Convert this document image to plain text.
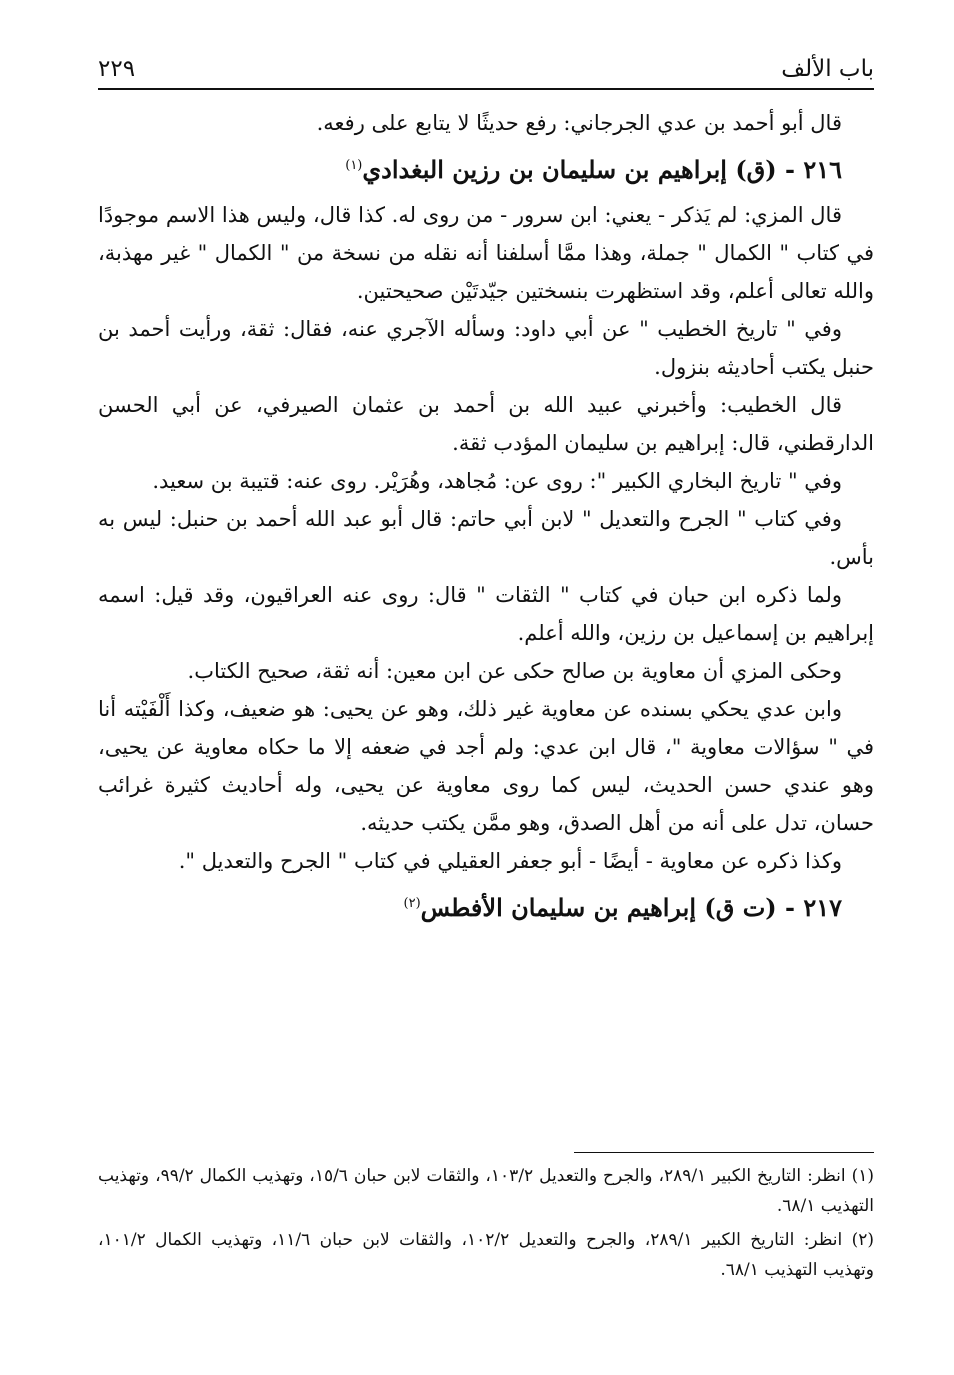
باب الألف
٢٢٩

قال أبو أحمد بن عدي الجرجاني: رفع حديثًا لا يتابع على رفعه.

٢١٦ - (ق) إبراهيم بن سليمان بن رزين البغدادي$^{(١)}$

قال المزي: لم يَذكر - يعني: ابن سرور - من روى له. كذا قال، وليس هذا الاسم موجودًا في كتاب " الكمال " جملة، وهذا ممَّا أسلفنا أنه نقله من نسخة من " الكمال " غير مهذبة، والله تعالى أعلم، وقد استظهرت بنسختين جيّدتَيْن صحيحتين.

وفي " تاريخ الخطيب " عن أبي داود: وسأله الآجري عنه، فقال: ثقة، ورأيت أحمد بن حنبل يكتب أحاديثه بنزول.

قال الخطيب: وأخبرني عبيد الله بن أحمد بن عثمان الصيرفي، عن أبي الحسن الدارقطني، قال: إبراهيم بن سليمان المؤدب ثقة.

وفي " تاريخ البخاري الكبير ": روى عن: مُجاهد، وهُرَيْر. روى عنه: قتيبة بن سعيد.

وفي كتاب " الجرح والتعديل " لابن أبي حاتم: قال أبو عبد الله أحمد بن حنبل: ليس به بأس.

ولما ذكره ابن حبان في كتاب " الثقات " قال: روى عنه العراقيون، وقد قيل: اسمه إبراهيم بن إسماعيل بن رزين، والله أعلم.

وحكى المزي أن معاوية بن صالح حكى عن ابن معين: أنه ثقة، صحيح الكتاب.

وابن عدي يحكي بسنده عن معاوية غير ذلك، وهو عن يحيى: هو ضعيف، وكذا أَلْفَيْته أنا في " سؤالات معاوية "، قال ابن عدي: ولم أجد في ضعفه إلا ما حكاه معاوية عن يحيى، وهو عندي حسن الحديث، ليس كما روى معاوية عن يحيى، وله أحاديث كثيرة غرائب حسان، تدل على أنه من أهل الصدق، وهو ممَّن يكتب حديثه.

وكذا ذكره عن معاوية - أيضًا - أبو جعفر العقيلي في كتاب " الجرح والتعديل ".

٢١٧ - (ت ق) إبراهيم بن سليمان الأفطس$^{(٢)}$

(١) انظر: التاريخ الكبير ٢٨٩/١، والجرح والتعديل ١٠٣/٢، والثقات لابن حبان ١٥/٦، وتهذيب الكمال ٩٩/٢، وتهذيب التهذيب ٦٨/١.

(٢) انظر: التاريخ الكبير ٢٨٩/١، والجرح والتعديل ١٠٢/٢، والثقات لابن حبان ١١/٦، وتهذيب الكمال ١٠١/٢، وتهذيب التهذيب ٦٨/١.
